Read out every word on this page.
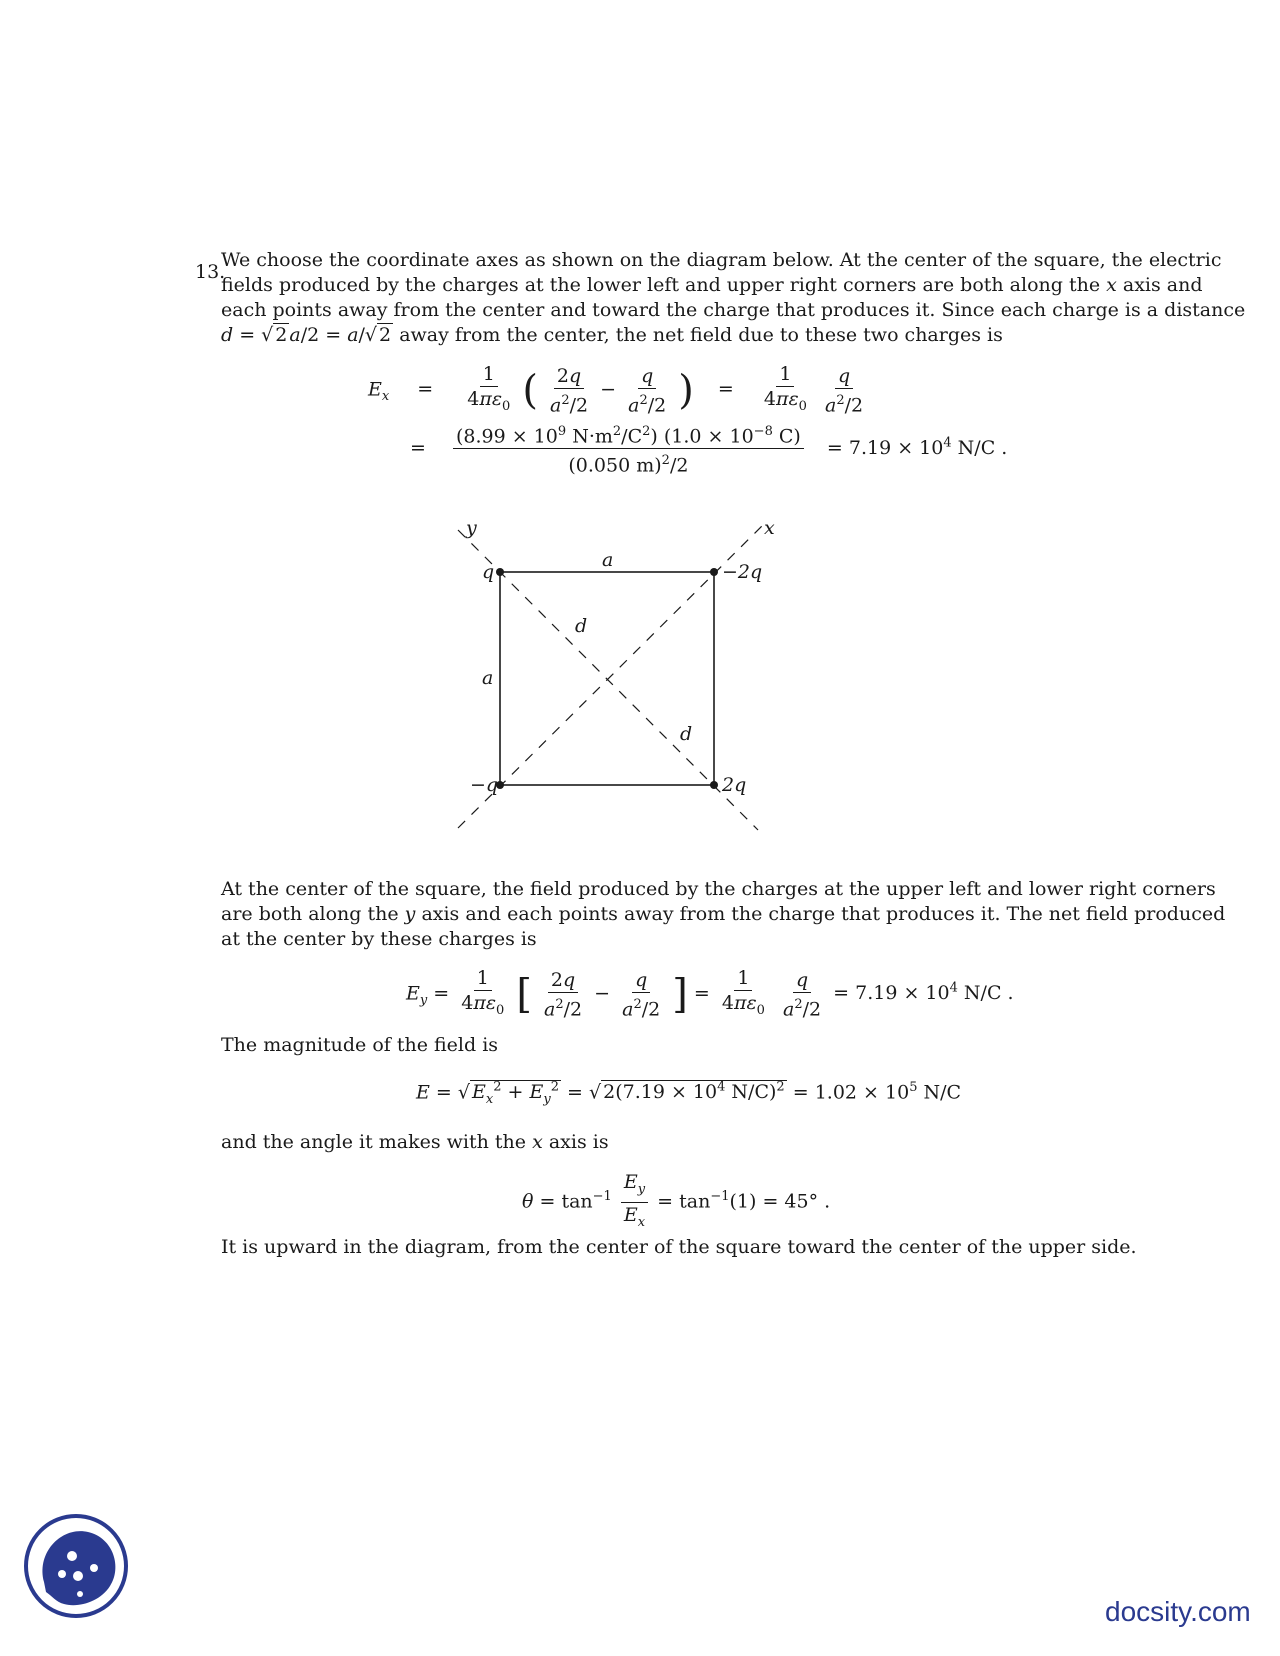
13.
We choose the coordinate axes as shown on the diagram below. At the center of the square, the electric
fields produced by the charges at the lower left and upper right corners are both along the x axis and
each points away from the center and toward the charge that produces it. Since each charge is a distance
d = √ 2 a/2 = a/√ 2 away from the center, the net field due to these two charges is
$E_x = \frac{1}{4\pi\varepsilon_0}$ ( $\frac{2q}{a^2/2} - \frac{q}{a^2/2}$ ) = $\frac{1}{4\pi\varepsilon_0}$
$\frac{q}{a^2/2}$
= $\frac{(8.99 \times 10^9 N\cdot m^2/C^2) (1.0 \times 10^{-8} C)}{(0.050 m)^2/2} = 7.19 \times 10^4$ N/C .
y	x
a
a
d
d
q	−2q
−q	2q
At the center of the square, the field produced by the charges at the upper left and lower right corners
are both along the y axis and each points away from the charge that produces it. The net field produced
at the center by these charges is
$E_y = \frac{1}{4\pi\varepsilon_0}$ [ $\frac{2q}{a^2/2} - \frac{q}{a^2/2}$ ] = $\frac{1}{4\pi\varepsilon_0}$
$\frac{q}{a^2/2} = 7.19 \times 10^4$ N/C .
The magnitude of the field is
E = √ $E_x^2 + E_y^2$ = √ $2(7.19 \times 10^4$ $N/C)^2 = 1.02 \times 10^5$ N/C
and the angle it makes with the x axis is
$\theta = \tan^{-1} \frac{E_y}{E_x} = \tan^{-1}(1) = 45^\circ$ .
It is upward in the diagram, from the center of the square toward the center of the upper side.
docsity.com
